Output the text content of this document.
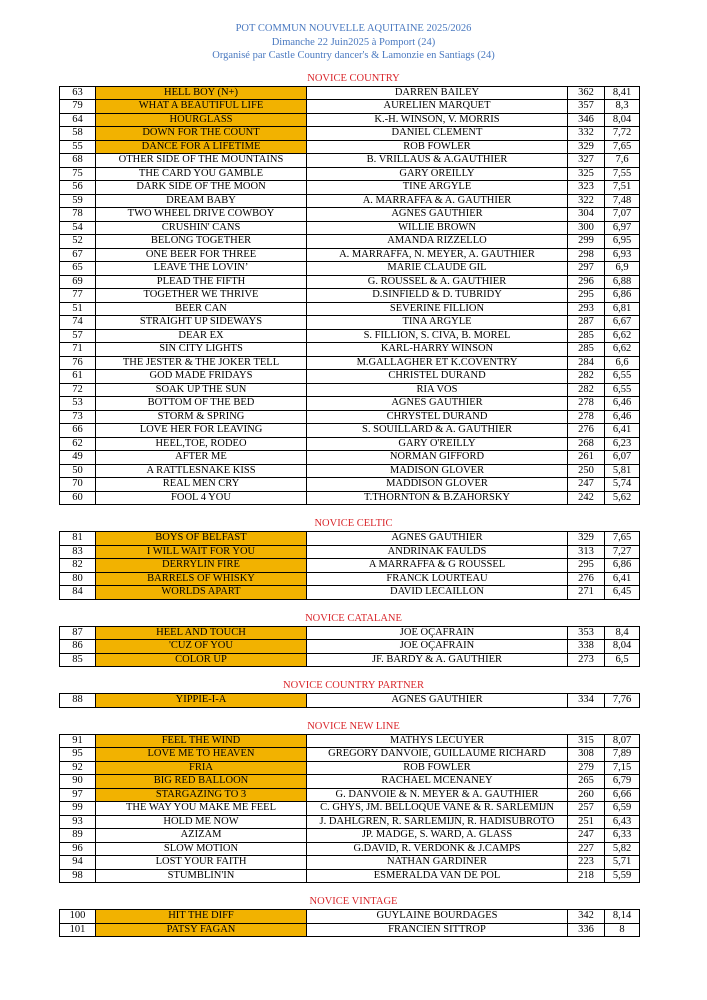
POT COMMUN NOUVELLE AQUITAINE 2025/2026
Dimanche 22 Juin2025 à Pomport (24)
Organisé par Castle Country dancer's & Lamonzie en Santiags (24)
NOVICE COUNTRY
63	HELL BOY (N+)	DARREN BAILEY	362	8,41
79	WHAT A BEAUTIFUL LIFE	AURELIEN MARQUET	357	8,3
64	HOURGLASS	K.-H. WINSON, V. MORRIS	346	8,04
58	DOWN FOR THE COUNT	DANIEL CLEMENT	332	7,72
55	DANCE FOR A LIFETIME	ROB FOWLER	329	7,65
68	OTHER SIDE OF THE MOUNTAINS	B. VRILLAUS & A.GAUTHIER	327	7,6
75	THE CARD YOU GAMBLE	GARY OREILLY	325	7,55
56	DARK SIDE OF THE MOON	TINE ARGYLE	323	7,51
59	DREAM BABY	A. MARRAFFA & A. GAUTHIER	322	7,48
78	TWO WHEEL DRIVE COWBOY	AGNES GAUTHIER	304	7,07
54	CRUSHIN' CANS	WILLIE BROWN	300	6,97
52	BELONG TOGETHER	AMANDA RIZZELLO	299	6,95
67	ONE BEER FOR THREE	A. MARRAFFA, N. MEYER, A. GAUTHIER	298	6,93
65	LEAVE THE LOVIN’	MARIE CLAUDE GIL	297	6,9
69	PLEAD THE FIFTH	G. ROUSSEL & A. GAUTHIER	296	6,88
77	TOGETHER WE THRIVE	D.SINFIELD & D. TUBRIDY	295	6,86
51	BEER CAN	SEVERINE FILLION	293	6,81
74	STRAIGHT UP SIDEWAYS	TINA ARGYLE	287	6,67
57	DEAR EX	S. FILLION, S. CIVA, B. MOREL	285	6,62
71	SIN CITY LIGHTS	KARL-HARRY WINSON	285	6,62
76	THE JESTER & THE JOKER TELL	M.GALLAGHER ET K.COVENTRY	284	6,6
61	GOD MADE FRIDAYS	CHRISTEL DURAND	282	6,55
72	SOAK UP THE SUN	RIA VOS	282	6,55
53	BOTTOM OF THE BED	AGNES GAUTHIER	278	6,46
73	STORM & SPRING	CHRYSTEL DURAND	278	6,46
66	LOVE HER FOR LEAVING	S. SOUILLARD & A. GAUTHIER	276	6,41
62	HEEL,TOE, RODEO	GARY O'REILLY	268	6,23
49	AFTER ME	NORMAN GIFFORD	261	6,07
50	A RATTLESNAKE KISS	MADISON GLOVER	250	5,81
70	REAL MEN CRY	MADDISON GLOVER	247	5,74
60	FOOL 4 YOU	T.THORNTON & B.ZAHORSKY	242	5,62
NOVICE CELTIC
81	BOYS OF BELFAST	AGNES GAUTHIER	329	7,65
83	I WILL WAIT FOR YOU	ANDRINAK FAULDS	313	7,27
82	DERRYLIN FIRE	A MARRAFFA & G ROUSSEL	295	6,86
80	BARRELS OF WHISKY	FRANCK LOURTEAU	276	6,41
84	WORLDS APART	DAVID LECAILLON	271	6,45
NOVICE CATALANE
87	HEEL AND TOUCH	JOE OÇAFRAIN	353	8,4
86	'CUZ OF YOU	JOE OÇAFRAIN	338	8,04
85	COLOR UP	JF. BARDY & A. GAUTHIER	273	6,5
NOVICE COUNTRY PARTNER
88	YIPPIE-I-A	AGNES GAUTHIER	334	7,76
NOVICE NEW LINE
91	FEEL THE WIND	MATHYS LECUYER	315	8,07
95	LOVE ME TO HEAVEN	GREGORY DANVOIE, GUILLAUME RICHARD	308	7,89
92	FRIA	ROB FOWLER	279	7,15
90	BIG RED BALLOON	RACHAEL MCENANEY	265	6,79
97	STARGAZING TO 3	G. DANVOIE & N. MEYER & A. GAUTHIER	260	6,66
99	THE WAY YOU MAKE ME FEEL	C. GHYS, JM. BELLOQUE VANE & R. SARLEMIJN	257	6,59
93	HOLD ME NOW	J. DAHLGREN, R. SARLEMIJN, R. HADISUBROTO	251	6,43
89	AZIZAM	JP. MADGE, S. WARD, A. GLASS	247	6,33
96	SLOW MOTION	G.DAVID, R. VERDONK & J.CAMPS	227	5,82
94	LOST YOUR FAITH	NATHAN GARDINER	223	5,71
98	STUMBLIN'IN	ESMERALDA VAN DE POL	218	5,59
NOVICE VINTAGE
100	HIT THE DIFF	GUYLAINE BOURDAGES	342	8,14
101	PATSY FAGAN	FRANCIEN SITTROP	336	8
